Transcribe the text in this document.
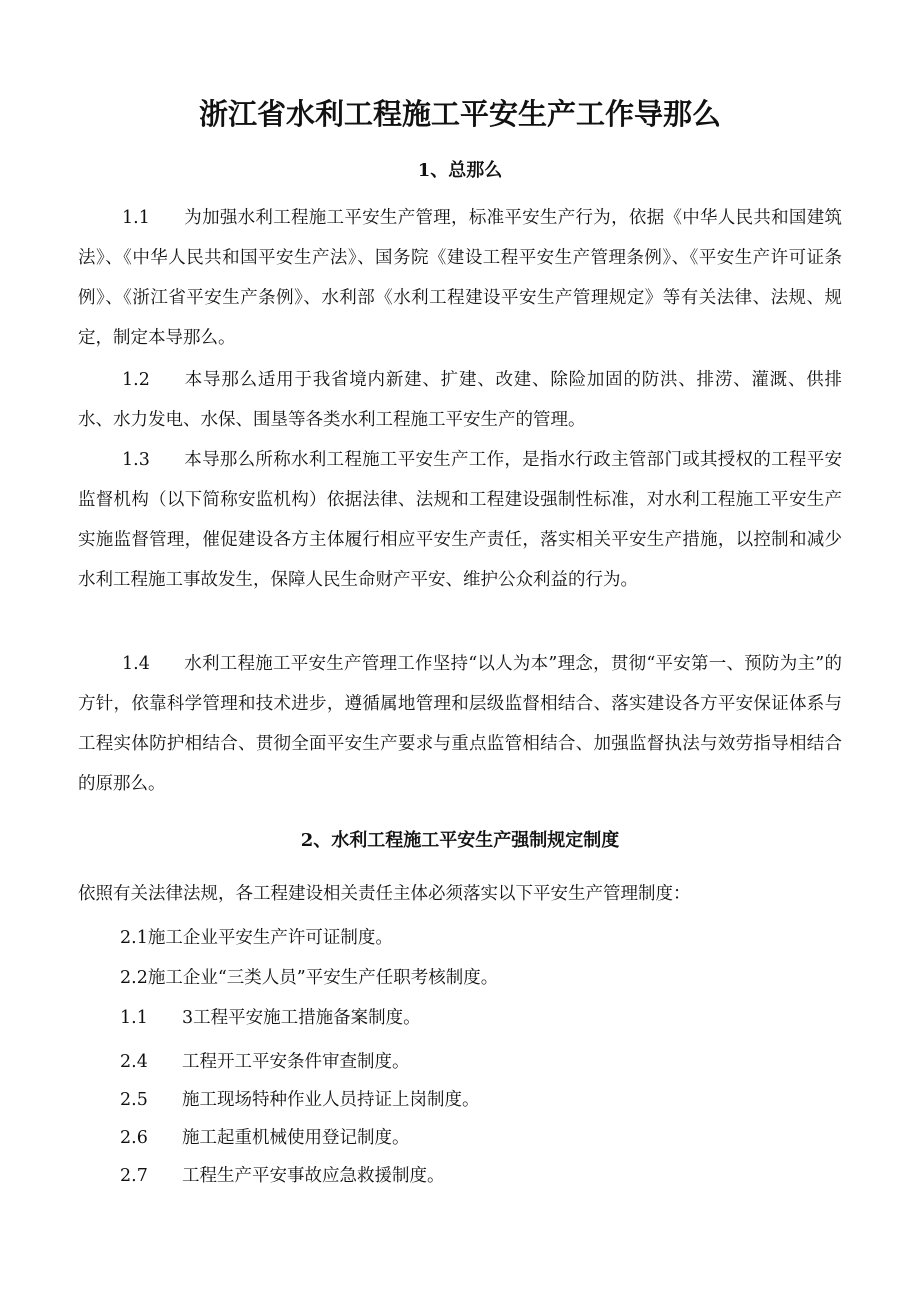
浙江省水利工程施工平安生产工作导那么
1、总那么
1.1 为加强水利工程施工平安生产管理，标准平安生产行为，依据《中华人民共和国建筑法》、《中华人民共和国平安生产法》、国务院《建设工程平安生产管理条例》、《平安生产许可证条例》、《浙江省平安生产条例》、水利部《水利工程建设平安生产管理规定》等有关法律、法规、规定，制定本导那么。
1.2 本导那么适用于我省境内新建、扩建、改建、除险加固的防洪、排涝、灌溉、供排水、水力发电、水保、围垦等各类水利工程施工平安生产的管理。
1.3 本导那么所称水利工程施工平安生产工作，是指水行政主管部门或其授权的工程平安监督机构（以下简称安监机构）依据法律、法规和工程建设强制性标准，对水利工程施工平安生产实施监督管理，催促建设各方主体履行相应平安生产责任，落实相关平安生产措施，以控制和减少水利工程施工事故发生，保障人民生命财产平安、维护公众利益的行为。
1.4 水利工程施工平安生产管理工作坚持“以人为本”理念，贯彻“平安第一、预防为主”的方针，依靠科学管理和技术进步，遵循属地管理和层级监督相结合、落实建设各方平安保证体系与工程实体防护相结合、贯彻全面平安生产要求与重点监管相结合、加强监督执法与效劳指导相结合的原那么。
2、水利工程施工平安生产强制规定制度
依照有关法律法规，各工程建设相关责任主体必须落实以下平安生产管理制度：
2.1施工企业平安生产许可证制度。
2.2施工企业“三类人员”平安生产任职考核制度。
1.1 3工程平安施工措施备案制度。
2.4 工程开工平安条件审查制度。
2.5 施工现场特种作业人员持证上岗制度。
2.6 施工起重机械使用登记制度。
2.7 工程生产平安事故应急救援制度。
